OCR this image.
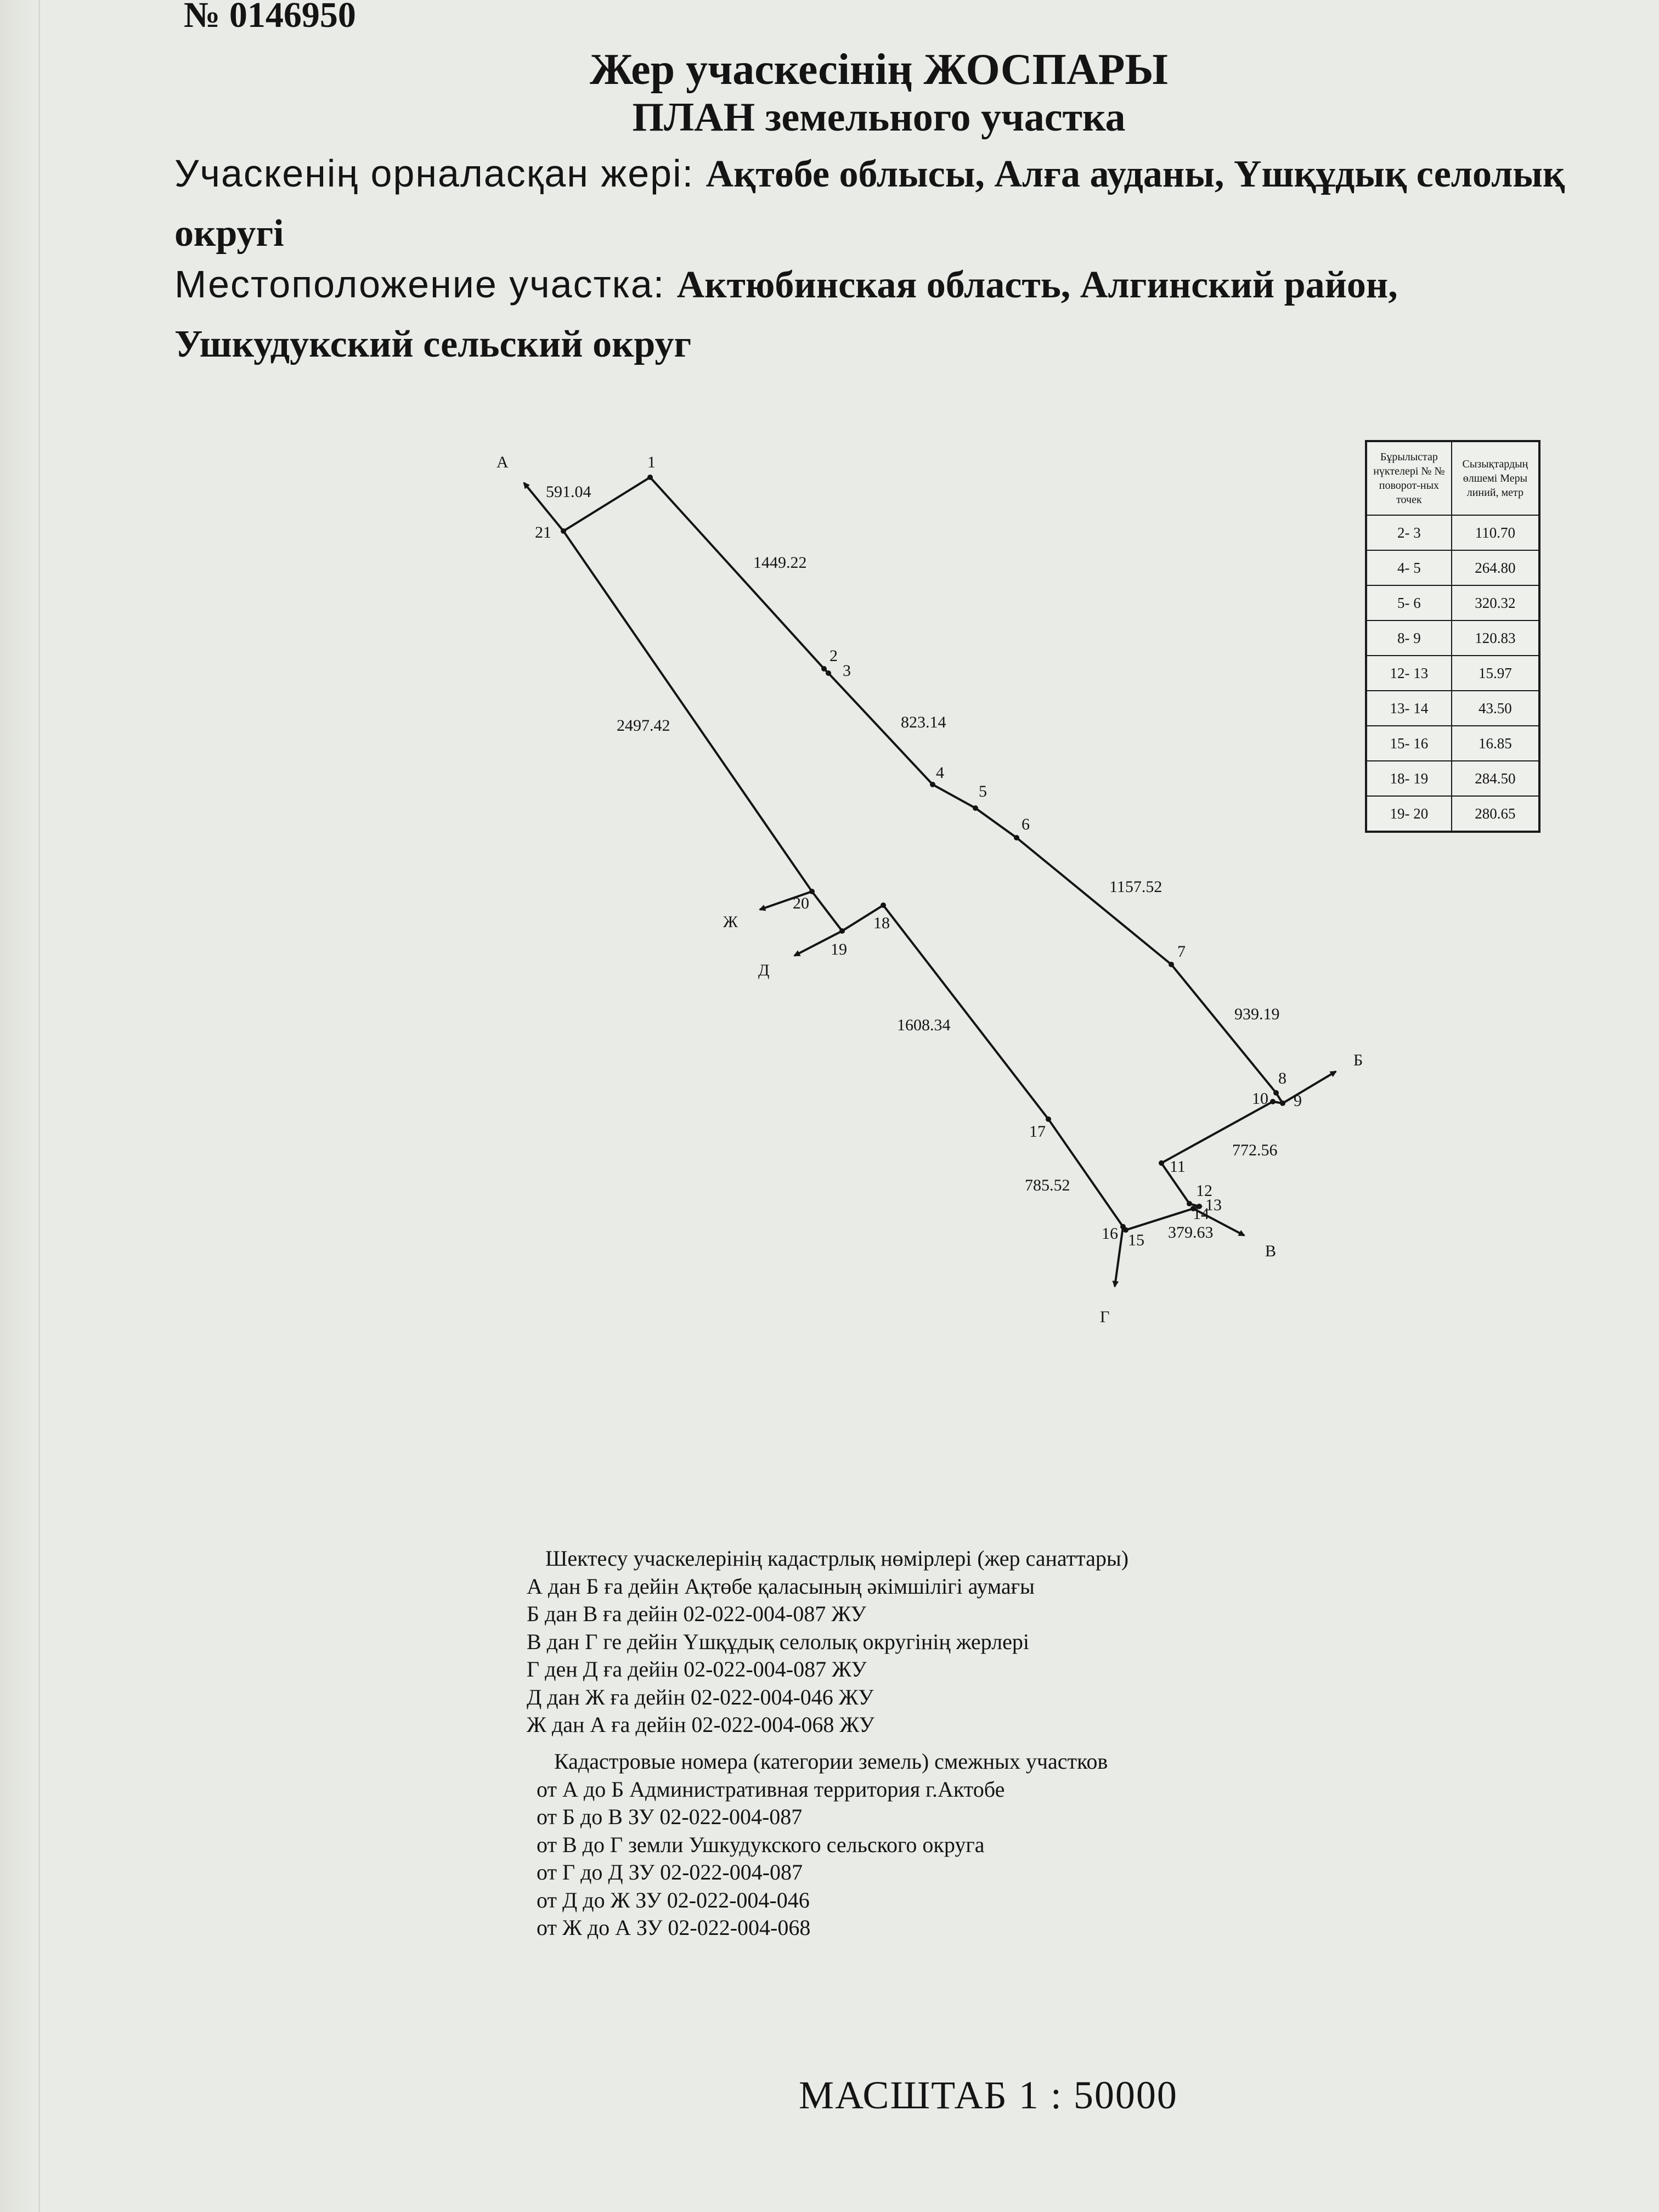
№ 0146950
Жер учаскесінің ЖОСПАРЫ
ПЛАН земельного участка
Учаскенің орналасқан жері: Ақтөбе облысы, Алға ауданы, Үшқұдық селолық округі
Местоположение участка: Актюбинская область, Алгинский район, Ушкудукский сельский округ
1
2
3
4
5
6
7
8
9
10
11
12
13
14
15
16
17
18
19
20
21
591.04
1449.22
823.14
1157.52
939.19
772.56
379.63
785.52
1608.34
2497.42
А
Б
В
Г
Д
Ж
Бұрылыстар нүктелері № № поворот-ных точек	Сызықтардың өлшемі Меры линий, метр
2- 3	110.70
4- 5	264.80
5- 6	320.32
8- 9	120.83
12- 13	15.97
13- 14	43.50
15- 16	16.85
18- 19	284.50
19- 20	280.65
Шектесу учаскелерінің кадастрлық нөмірлері (жер санаттары)
А дан Б ға дейін Ақтөбе қаласының әкімшілігі аумағы
Б дан В ға дейін 02-022-004-087 ЖУ
В дан Г ге дейін Үшқұдық селолық округінің жерлері
Г ден Д ға дейін 02-022-004-087 ЖУ
Д дан Ж ға дейін 02-022-004-046 ЖУ
Ж дан А ға дейін 02-022-004-068 ЖУ
Кадастровые номера (категории земель) смежных участков
от А до Б Административная территория г.Актобе
от Б до В ЗУ 02-022-004-087
от В до Г земли Ушкудукского сельского округа
от Г до Д ЗУ 02-022-004-087
от Д до Ж ЗУ 02-022-004-046
от Ж до А ЗУ 02-022-004-068
МАСШТАБ 1 : 50000
